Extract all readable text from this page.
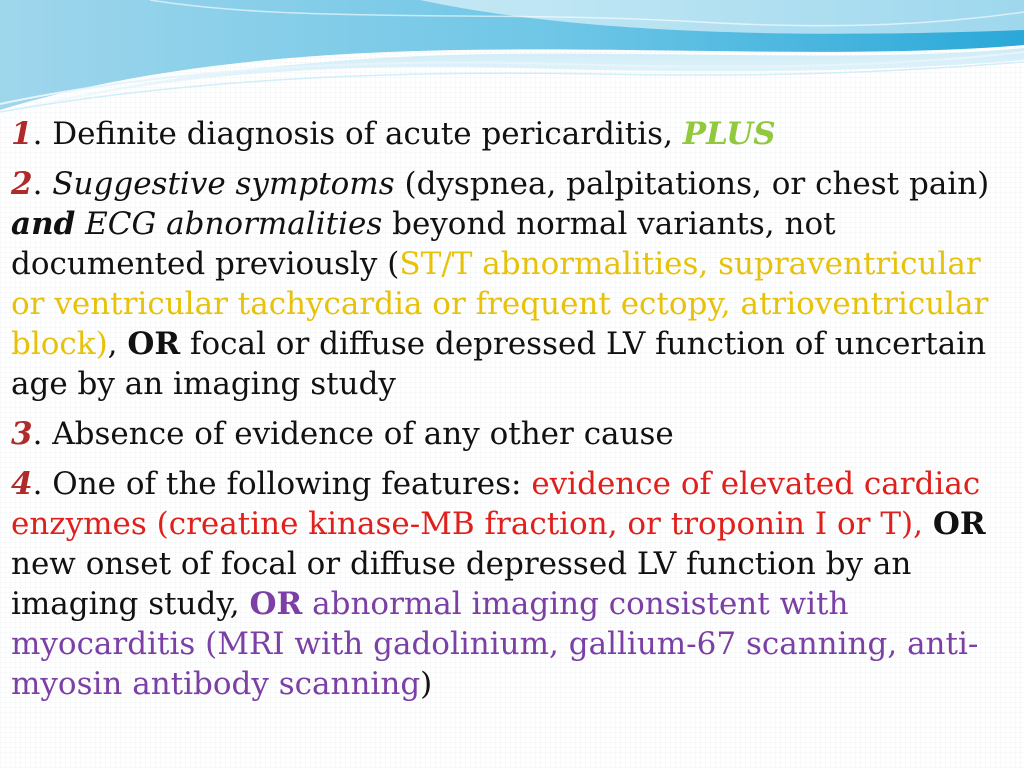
1. Definite diagnosis of acute pericarditis, PLUS

2. Suggestive symptoms (dyspnea, palpitations, or chest pain) and ECG abnormalities beyond normal variants, not documented previously (ST/T abnormalities, supraventricular or ventricular tachycardia or frequent ectopy, atrioventricular block), OR focal or diffuse depressed LV function of uncertain age by an imaging study

3. Absence of evidence of any other cause

4. One of the following features: evidence of elevated cardiac enzymes (creatine kinase-MB fraction, or troponin I or T), OR new onset of focal or diffuse depressed LV function by an imaging study, OR abnormal imaging consistent with myocarditis (MRI with gadolinium, gallium-67 scanning, anti-myosin antibody scanning)
